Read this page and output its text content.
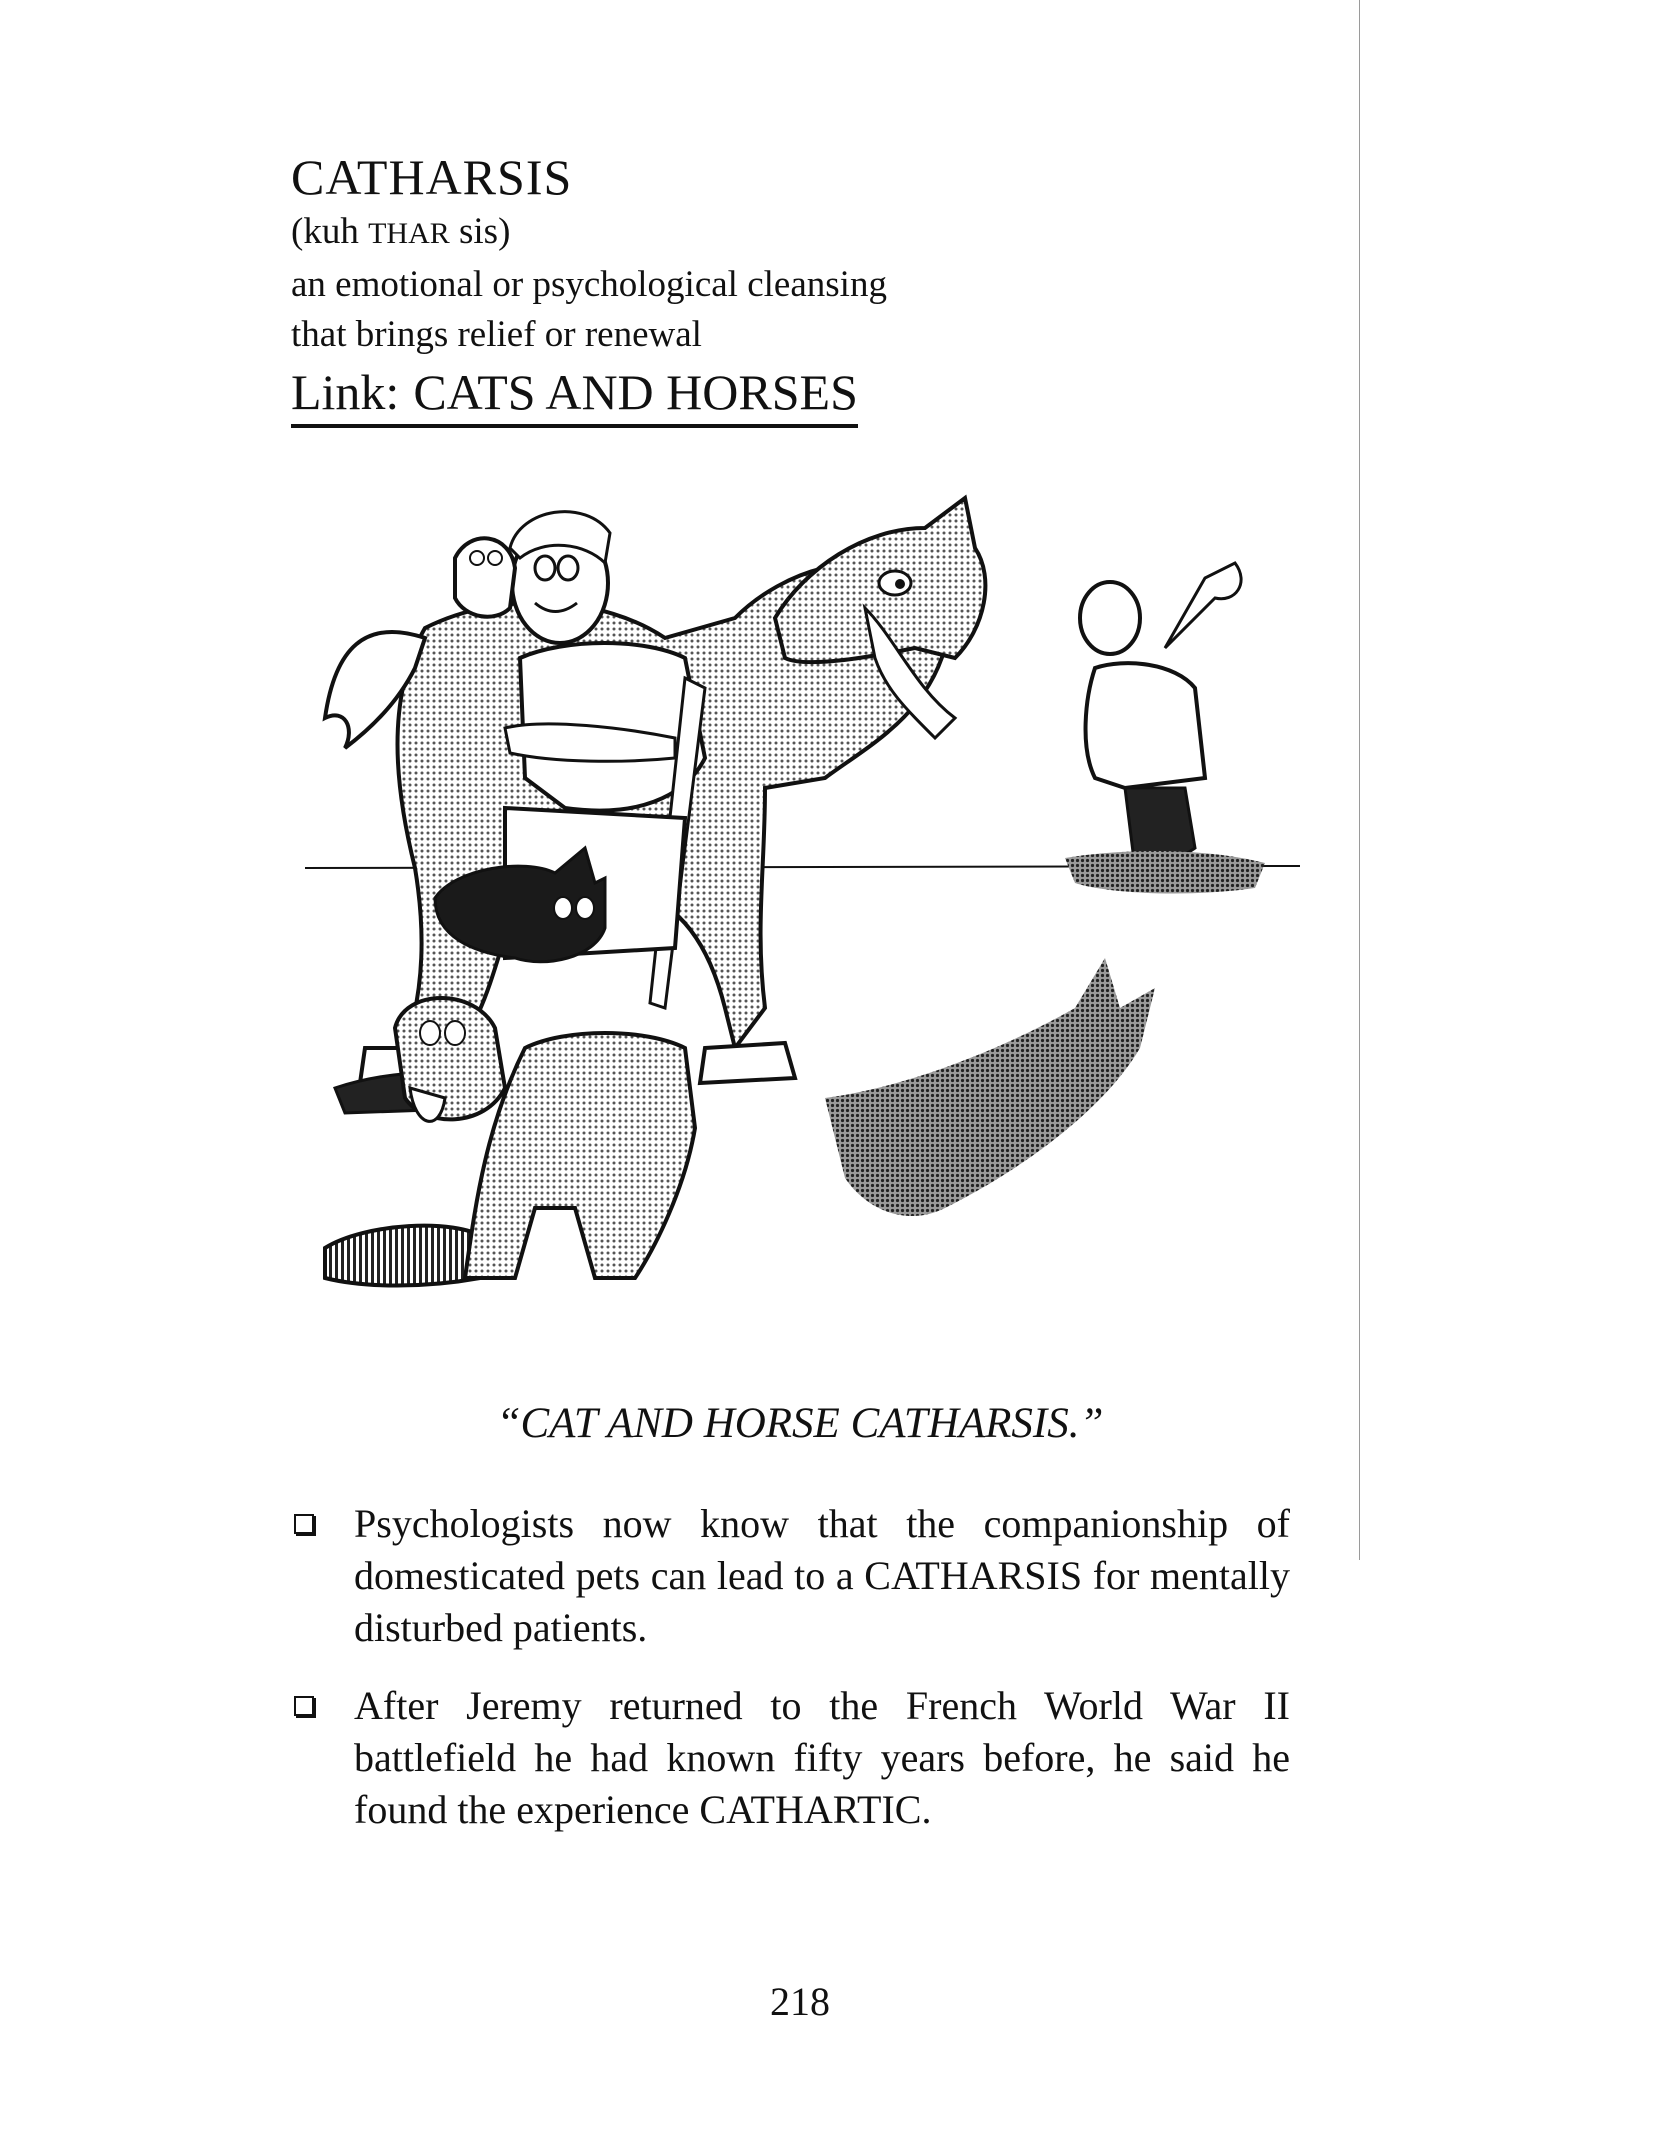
CATHARSIS
(kuh THAR sis)
an emotional or psychological cleansing
that brings relief or renewal
Link: CATS AND HORSES
“CAT AND HORSE CATHARSIS.”
Psychologists now know that the companionship of domesticated pets can lead to a CATHARSIS for mentally disturbed patients.
After Jeremy returned to the French World War II battlefield he had known fifty years before, he said he found the experience CATHARTIC.
218
